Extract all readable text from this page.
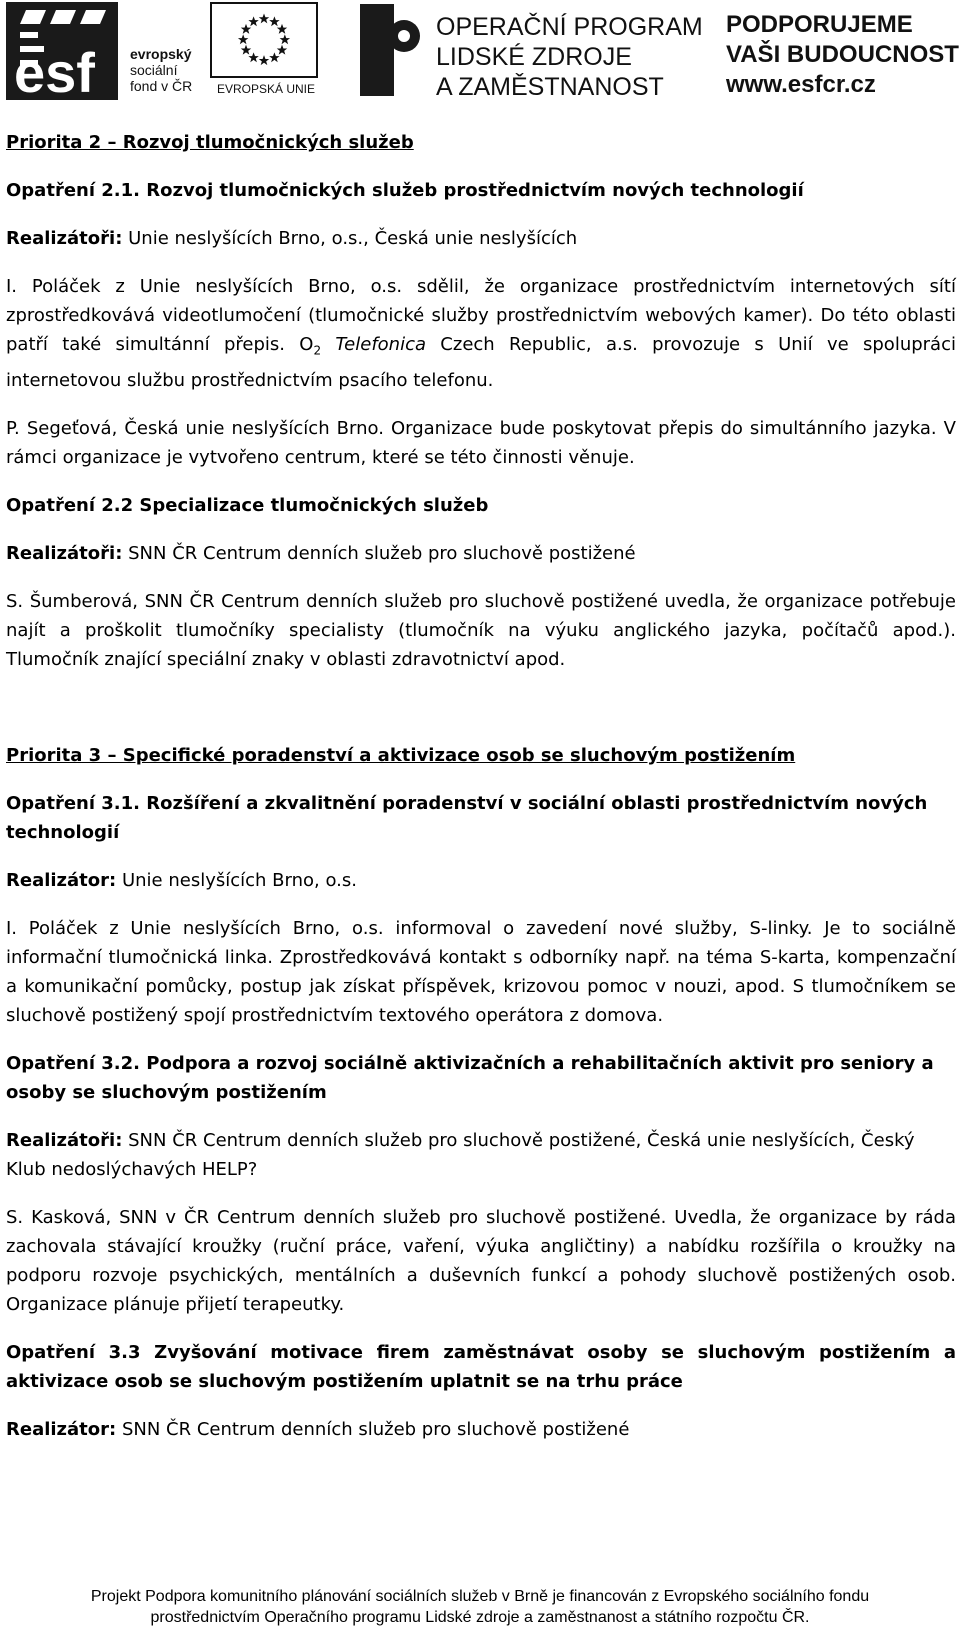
esf	evropský
sociální
fond v ČR	EVROPSKÁ UNIE
OPERAČNÍ PROGRAM
LIDSKÉ ZDROJE
A ZAMĚSTNANOST
PODPORUJEME
VAŠI BUDOUCNOST
www.esfcr.cz

Priorita 2 – Rozvoj tlumočnických služeb

Opatření 2.1. Rozvoj tlumočnických služeb prostřednictvím nových technologií

Realizátoři: Unie neslyšících Brno, o.s., Česká unie neslyšících

I. Poláček z Unie neslyšících Brno, o.s. sdělil, že organizace prostřednictvím internetových sítí zprostředkovává videotlumočení (tlumočnické služby prostřednictvím webových kamer). Do této oblasti patří také simultánní přepis. $O_2$ Telefonica Czech Republic, a.s. provozuje s Unií ve spolupráci internetovou službu prostřednictvím psacího telefonu.

P. Segeťová, Česká unie neslyšících Brno. Organizace bude poskytovat přepis do simultánního jazyka. V rámci organizace je vytvořeno centrum, které se této činnosti věnuje.

Opatření 2.2 Specializace tlumočnických služeb

Realizátoři: SNN ČR Centrum denních služeb pro sluchově postižené

S. Šumberová, SNN ČR Centrum denních služeb pro sluchově postižené uvedla, že organizace potřebuje najít a proškolit tlumočníky specialisty (tlumočník na výuku anglického jazyka, počítačů apod.). Tlumočník znající speciální znaky v oblasti zdravotnictví apod.

Priorita 3 – Specifické poradenství a aktivizace osob se sluchovým postižením

Opatření 3.1. Rozšíření a zkvalitnění poradenství v sociální oblasti prostřednictvím nových technologií

Realizátor: Unie neslyšících Brno, o.s.

I. Poláček z Unie neslyšících Brno, o.s. informoval o zavedení nové služby, S-linky. Je to sociálně informační tlumočnická linka. Zprostředkovává kontakt s odborníky např. na téma S-karta, kompenzační a komunikační pomůcky, postup jak získat příspěvek, krizovou pomoc v nouzi, apod. S tlumočníkem se sluchově postižený spojí prostřednictvím textového operátora z domova.

Opatření 3.2. Podpora a rozvoj sociálně aktivizačních a rehabilitačních aktivit pro seniory a osoby se sluchovým postižením

Realizátoři: SNN ČR Centrum denních služeb pro sluchově postižené, Česká unie neslyšících, Český Klub nedoslýchavých HELP?

S. Kasková, SNN v ČR Centrum denních služeb pro sluchově postižené. Uvedla, že organizace by ráda zachovala stávající kroužky (ruční práce, vaření, výuka angličtiny) a nabídku rozšířila o kroužky na podporu rozvoje psychických, mentálních a duševních funkcí a pohody sluchově postižených osob. Organizace plánuje přijetí terapeutky.

Opatření 3.3 Zvyšování motivace firem zaměstnávat osoby se sluchovým postižením a aktivizace osob se sluchovým postižením uplatnit se na trhu práce

Realizátor: SNN ČR Centrum denních služeb pro sluchově postižené

Projekt Podpora komunitního plánování sociálních služeb v Brně je financován z Evropského sociálního fondu
prostřednictvím Operačního programu Lidské zdroje a zaměstnanost a státního rozpočtu ČR.
